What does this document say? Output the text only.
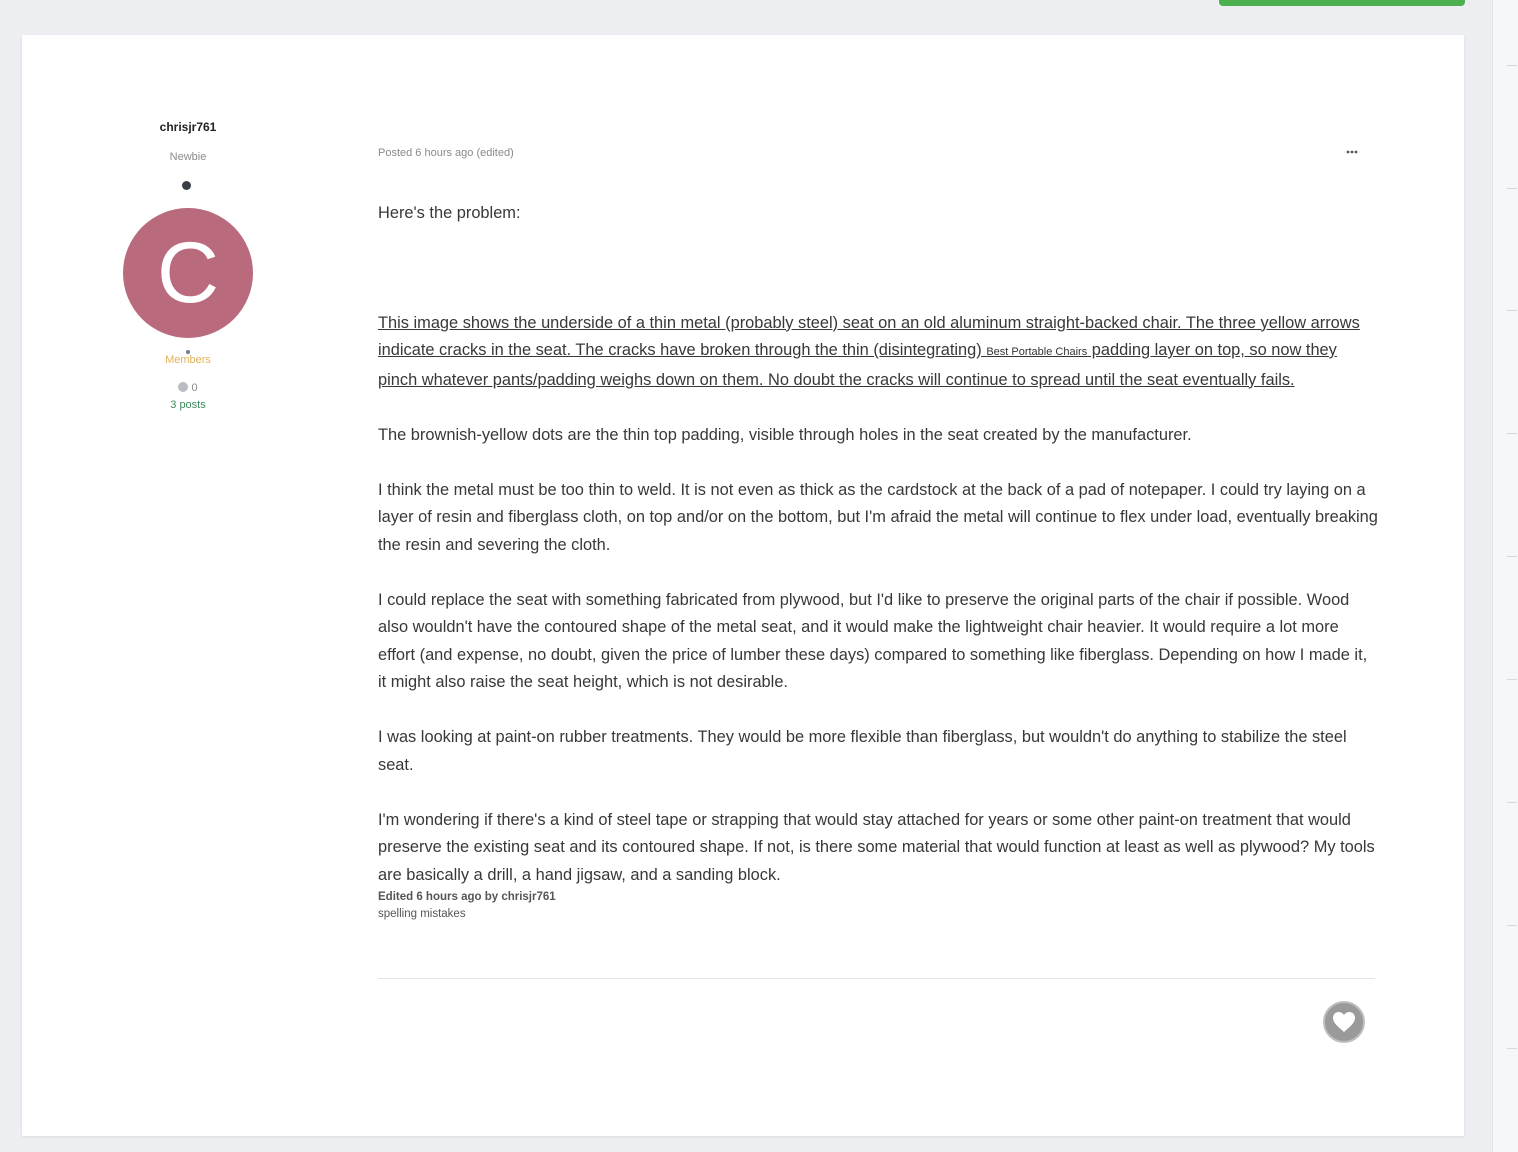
chrisjr761
Newbie
C
Members
0
3 posts
Posted 6 hours ago (edited)

Here's the problem:

This image shows the underside of a thin metal (probably steel) seat on an old aluminum straight-backed chair. The three yellow arrows indicate cracks in the seat. The cracks have broken through the thin (disintegrating) Best Portable Chairs padding layer on top, so now they pinch whatever pants/padding weighs down on them. No doubt the cracks will continue to spread until the seat eventually fails.

The brownish-yellow dots are the thin top padding, visible through holes in the seat created by the manufacturer.

I think the metal must be too thin to weld. It is not even as thick as the cardstock at the back of a pad of notepaper. I could try laying on a layer of resin and fiberglass cloth, on top and/or on the bottom, but I'm afraid the metal will continue to flex under load, eventually breaking the resin and severing the cloth.

I could replace the seat with something fabricated from plywood, but I'd like to preserve the original parts of the chair if possible. Wood also wouldn't have the contoured shape of the metal seat, and it would make the lightweight chair heavier. It would require a lot more effort (and expense, no doubt, given the price of lumber these days) compared to something like fiberglass. Depending on how I made it, it might also raise the seat height, which is not desirable.

I was looking at paint-on rubber treatments. They would be more flexible than fiberglass, but wouldn't do anything to stabilize the steel seat.

I'm wondering if there's a kind of steel tape or strapping that would stay attached for years or some other paint-on treatment that would preserve the existing seat and its contoured shape. If not, is there some material that would function at least as well as plywood? My tools are basically a drill, a hand jigsaw, and a sanding block.

Edited 6 hours ago by chrisjr761
spelling mistakes
